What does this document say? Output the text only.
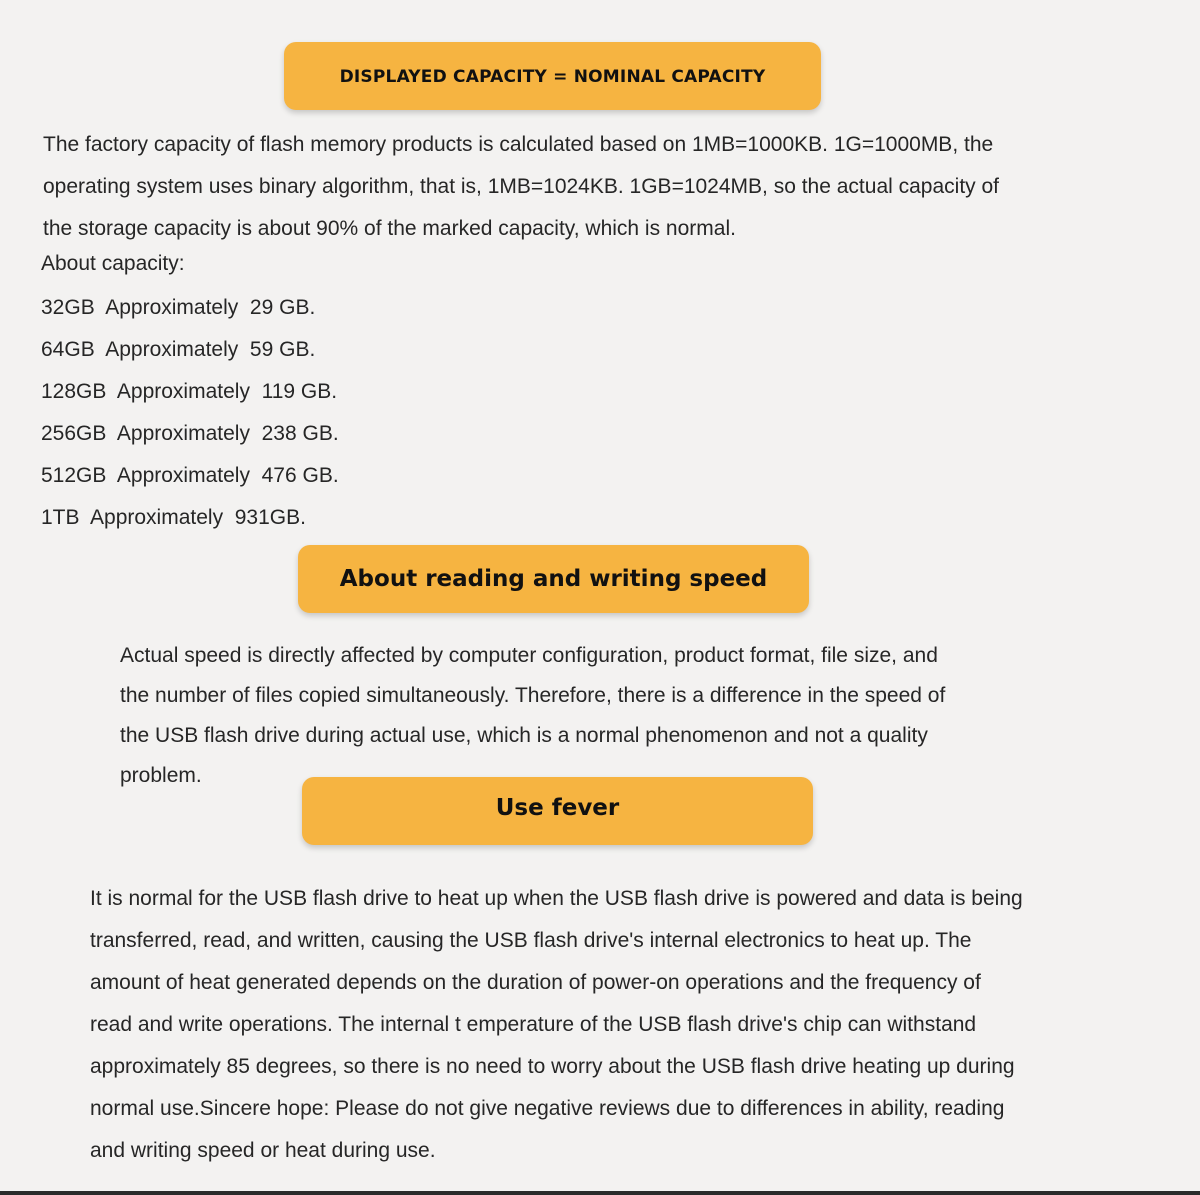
DISPLAYED CAPACITY = NOMINAL CAPACITY

The factory capacity of flash memory products is calculated based on 1MB=1000KB. 1G=1000MB, the
operating system uses binary algorithm, that is, 1MB=1024KB. 1GB=1024MB, so the actual capacity of
the storage capacity is about 90% of the marked capacity, which is normal.

About capacity:

32GB  Approximately  29 GB.

64GB  Approximately  59 GB.

128GB  Approximately  119 GB.

256GB  Approximately  238 GB.

512GB  Approximately  476 GB.

1TB  Approximately  931GB.

About reading and writing speed

Actual speed is directly affected by computer configuration, product format, file size, and
the number of files copied simultaneously. Therefore, there is a difference in the speed of
the USB flash drive during actual use, which is a normal phenomenon and not a quality
problem.

Use fever

It is normal for the USB flash drive to heat up when the USB flash drive is powered and data is being
transferred, read, and written, causing the USB flash drive's internal electronics to heat up. The
amount of heat generated depends on the duration of power-on operations and the frequency of
read and write operations. The internal t emperature of the USB flash drive's chip can withstand
approximately 85 degrees, so there is no need to worry about the USB flash drive heating up during
normal use.Sincere hope: Please do not give negative reviews due to differences in ability, reading
and writing speed or heat during use.
